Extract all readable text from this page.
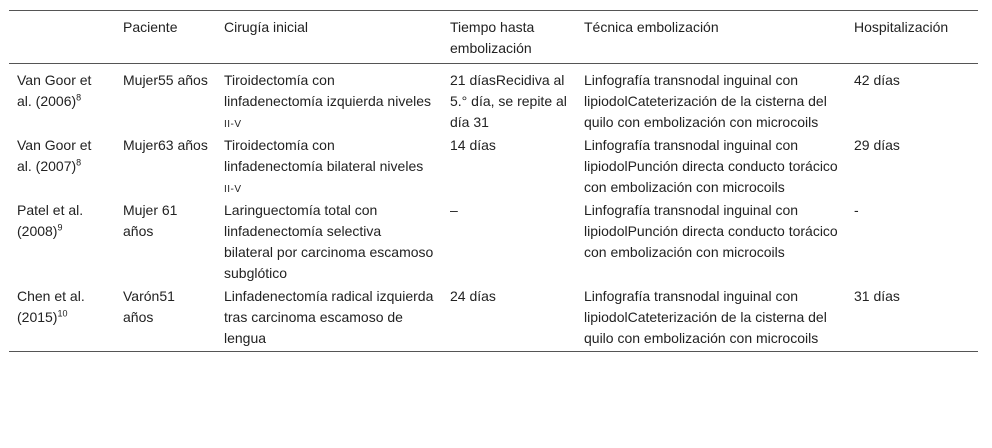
	Paciente	Cirugía inicial	Tiempo hasta embolización	Técnica embolización	Hospitalización
Van Goor et al. $(2006)^8$	Mujer55 años	Tiroidectomía con linfadenectomía izquierda niveles II-V	21 díasRecidiva al 5.° día, se repite al día 31	Linfografía transnodal inguinal con lipiodolCateterización de la cisterna del quilo con embolización con microcoils	42 días
Van Goor et al. $(2007)^8$	Mujer63 años	Tiroidectomía con linfadenectomía bilateral niveles II-V	14 días	Linfografía transnodal inguinal con lipiodolPunción directa conducto torácico con embolización con microcoils	29 días
Patel et al. $(2008)^9$	Mujer 61 años	Laringuectomía total con linfadenectomía selectiva bilateral por carcinoma escamoso subglótico	–	Linfografía transnodal inguinal con lipiodolPunción directa conducto torácico con embolización con microcoils	-
Chen et al. $(2015)^{10}$	Varón51 años	Linfadenectomía radical izquierda tras carcinoma escamoso de lengua	24 días	Linfografía transnodal inguinal con lipiodolCateterización de la cisterna del quilo con embolización con microcoils	31 días
